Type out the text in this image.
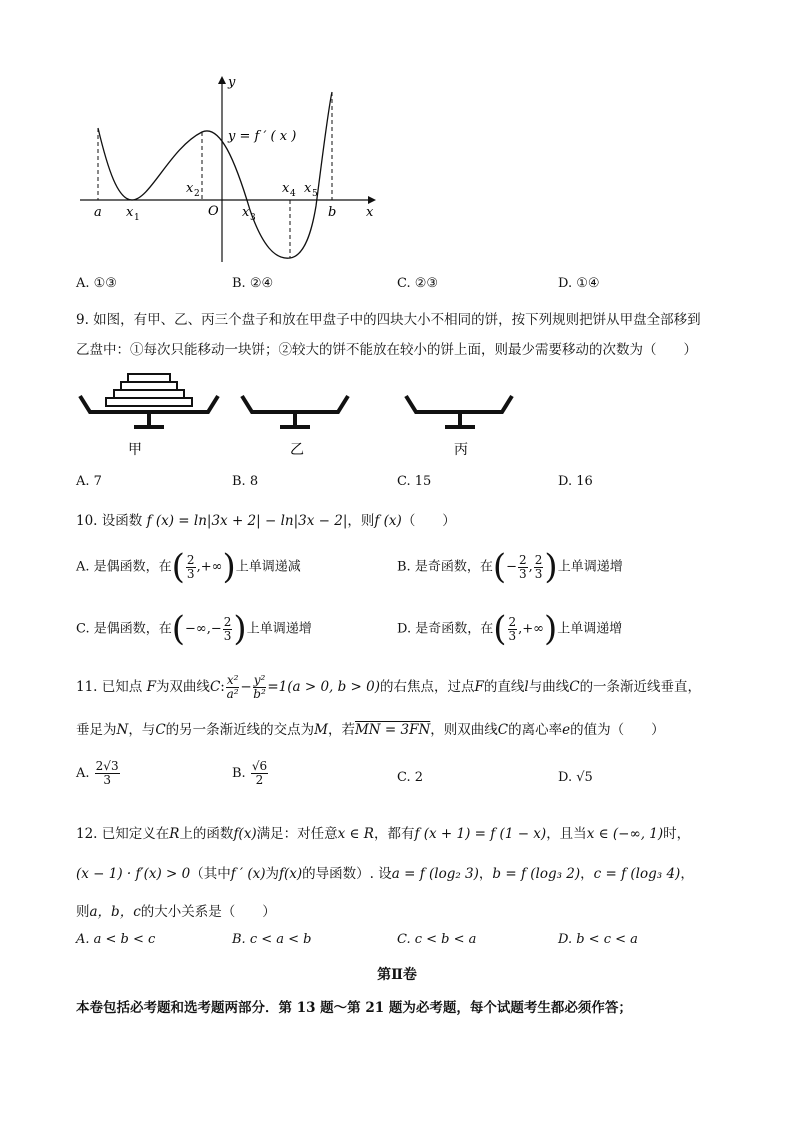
x
y
y = f ′ ( x )
a x 1
x 2
O x 3
x 4 x 5
b
A. ①③	B. ②④	C. ②③	D. ①④
9. 如图，有甲、乙、丙三个盘子和放在甲盘子中的四块大小不相同的饼，按下列规则把饼从甲盘全部移到
乙盘中：①每次只能移动一块饼；②较大的饼不能放在较小的饼上面，则最少需要移动的次数为（　　）
甲	乙	丙
A. 7	B. 8	C. 15	D. 16
10. 设函数 f (x) = ln|3x + 2| − ln|3x − 2|，则f (x)（　　）
A. 是偶函数，在( $\frac{2}{3}$ ,+∞)上单调递减	B. 是奇函数，在(− $\frac{2}{3}$ , $\frac{2}{3}$ )上单调递增
C. 是偶函数，在(−∞,− $\frac{2}{3}$ )上单调递增	D. 是奇函数，在( $\frac{2}{3}$ ,+∞)上单调递增
11. 已知点 F为双曲线C: $\frac{\text{x²}}{\text{a²}} - \frac{\text{y²}}{\text{b²}} =1(a > 0$, b > 0)的右焦点，过点F的直线l与曲线C的一条渐近线垂直，
垂足为N，与C的另一条渐近线的交点为M，若MN = 3FN，则双曲线C的离心率e的值为（　　）
A. $\frac{2√3}{3}$	B. $\frac{√6}{2}$	C. 2	D. √5
12. 已知定义在R上的函数f(x)满足：对任意x ∈ R，都有f (x + 1) = f (1 − x)，且当x ∈ (−∞, 1)时，
(x − 1) · f′(x) > 0（其中f ′ (x)为f(x)的导函数）. 设a = f (log₂ 3)，b = f (log₃ 2)，c = f (log₃ 4)，
则a，b，c的大小关系是（　　）
A. a < b < c	B. c < a < b	C. c < b < a	D. b < c < a
第Ⅱ卷
本卷包括必考题和选考题两部分．第 13 题～第 21 题为必考题，每个试题考生都必须作答；
